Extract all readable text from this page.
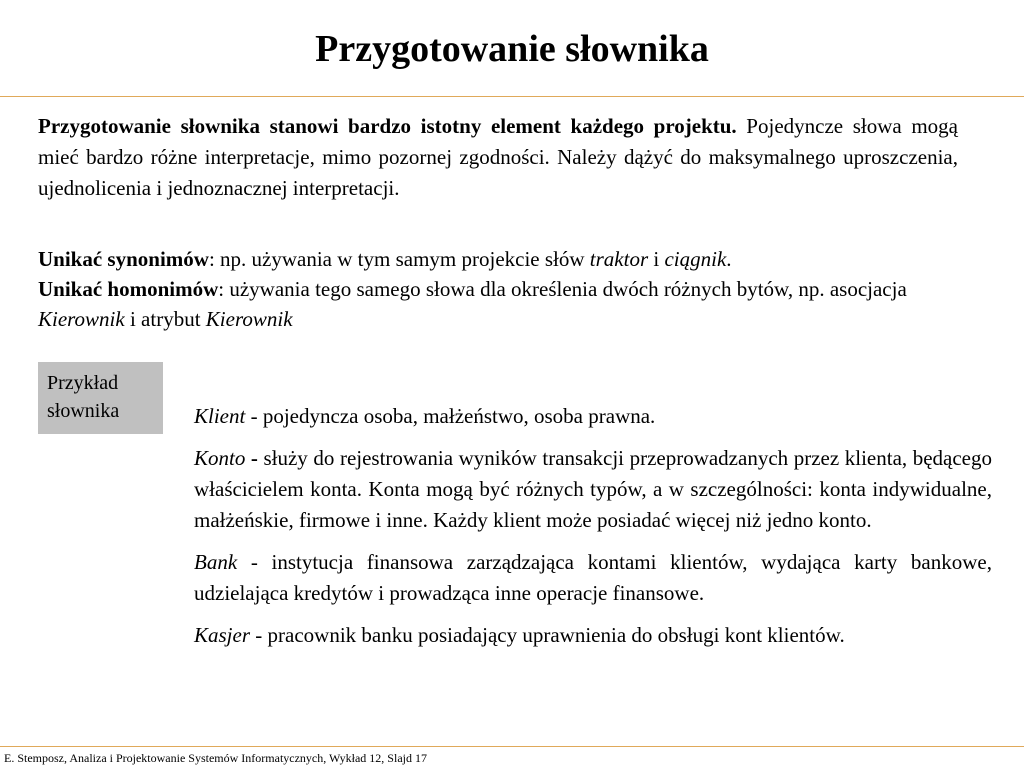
Przygotowanie słownika

Przygotowanie słownika stanowi bardzo istotny element każdego projektu. Pojedyncze słowa mogą mieć bardzo różne interpretacje, mimo pozornej zgodności. Należy dążyć do maksymalnego uproszczenia, ujednolicenia i jednoznacznej interpretacji.

Unikać synonimów: np. używania w tym samym projekcie słów traktor i ciągnik.

Unikać homonimów: używania tego samego słowa dla określenia dwóch różnych bytów, np. asocjacja Kierownik i atrybut Kierownik

Przykład
słownika	Klient - pojedyncza osoba, małżeństwo, osoba prawna.

Konto - służy do rejestrowania wyników transakcji przeprowadzanych przez klienta, będącego właścicielem konta. Konta mogą być różnych typów, a w szczególności: konta indywidualne, małżeńskie, firmowe i inne. Każdy klient może posiadać więcej niż jedno konto.

Bank - instytucja finansowa zarządzająca kontami klientów, wydająca karty bankowe, udzielająca kredytów i prowadząca inne operacje finansowe.

Kasjer - pracownik banku posiadający uprawnienia do obsługi kont klientów.

E. Stemposz, Analiza i Projektowanie Systemów Informatycznych, Wykład 12, Slajd 17
